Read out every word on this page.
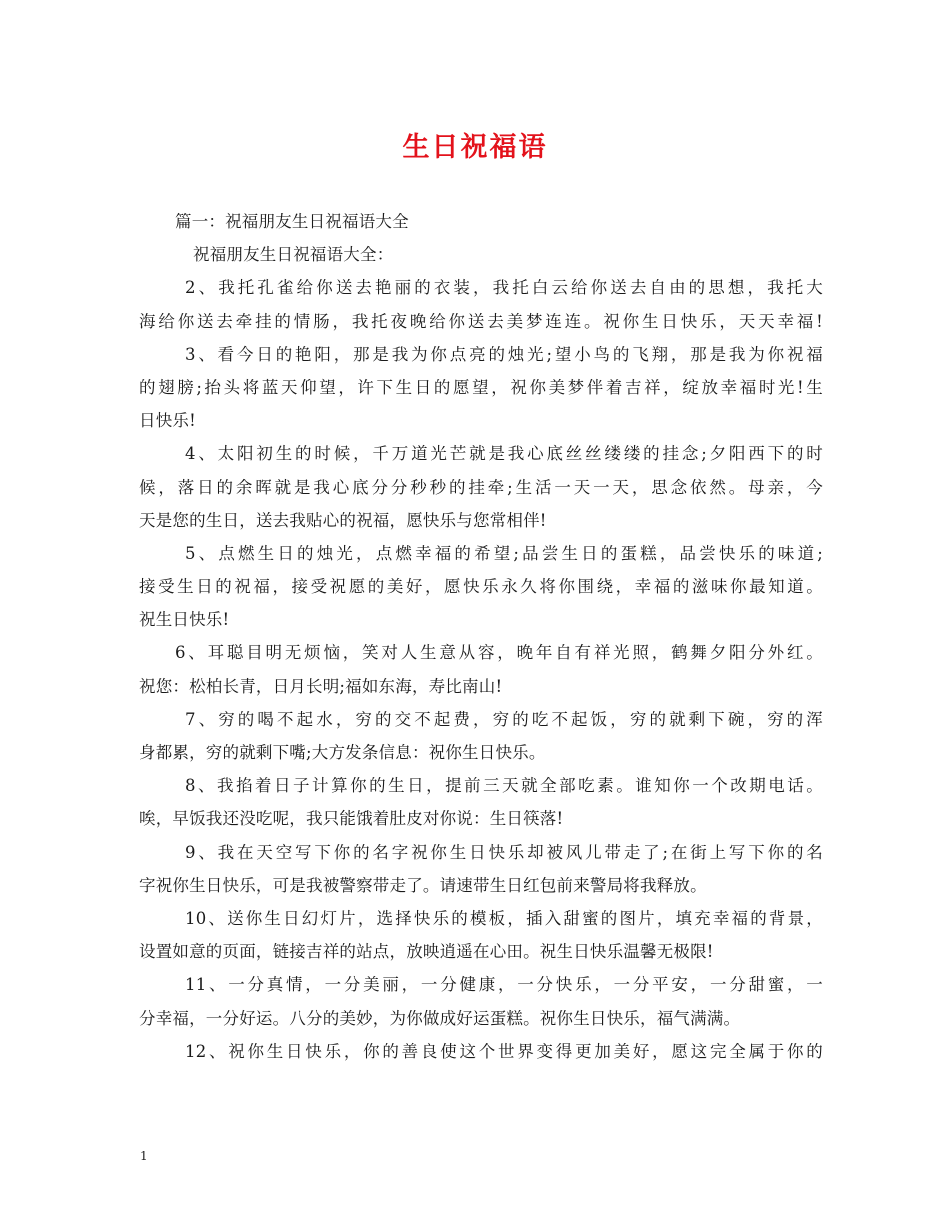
生日祝福语
篇一：祝福朋友生日祝福语大全
祝福朋友生日祝福语大全：
2、我托孔雀给你送去艳丽的衣装，我托白云给你送去自由的思想，我托大
海给你送去牵挂的情肠，我托夜晚给你送去美梦连连。祝你生日快乐，天天幸福!
3、看今日的艳阳，那是我为你点亮的烛光;望小鸟的飞翔，那是我为你祝福
的翅膀;抬头将蓝天仰望，许下生日的愿望，祝你美梦伴着吉祥，绽放幸福时光!生
日快乐!
4、太阳初生的时候，千万道光芒就是我心底丝丝缕缕的挂念;夕阳西下的时
候，落日的余晖就是我心底分分秒秒的挂牵;生活一天一天，思念依然。母亲，今
天是您的生日，送去我贴心的祝福，愿快乐与您常相伴!
5、点燃生日的烛光，点燃幸福的希望;品尝生日的蛋糕，品尝快乐的味道;
接受生日的祝福，接受祝愿的美好，愿快乐永久将你围绕，幸福的滋味你最知道。
祝生日快乐!
6、耳聪目明无烦恼，笑对人生意从容，晚年自有祥光照，鹤舞夕阳分外红。
祝您：松柏长青，日月长明;福如东海，寿比南山!
7、穷的喝不起水，穷的交不起费，穷的吃不起饭，穷的就剩下碗，穷的浑
身都累，穷的就剩下嘴;大方发条信息：祝你生日快乐。
8、我掐着日子计算你的生日，提前三天就全部吃素。谁知你一个改期电话。
唉，早饭我还没吃呢，我只能饿着肚皮对你说：生日筷落!
9、我在天空写下你的名字祝你生日快乐却被风儿带走了;在街上写下你的名
字祝你生日快乐，可是我被警察带走了。请速带生日红包前来警局将我释放。
10、送你生日幻灯片，选择快乐的模板，插入甜蜜的图片，填充幸福的背景，
设置如意的页面，链接吉祥的站点，放映逍遥在心田。祝生日快乐温馨无极限!
11、一分真情，一分美丽，一分健康，一分快乐，一分平安，一分甜蜜，一
分幸福，一分好运。八分的美妙，为你做成好运蛋糕。祝你生日快乐，福气满满。
12、祝你生日快乐，你的善良使这个世界变得更加美好，愿这完全属于你的
1
